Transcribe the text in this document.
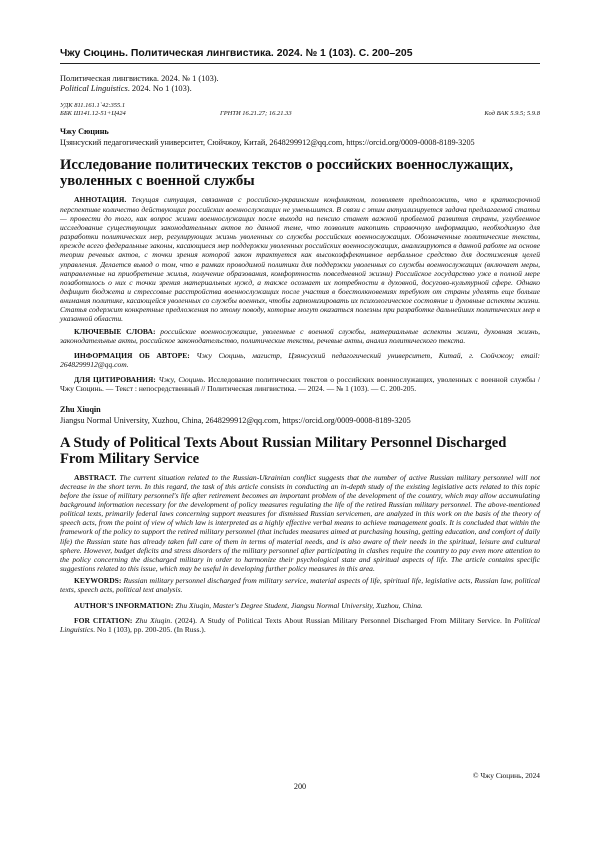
Чжу Сюцинь. Политическая лингвистика. 2024. № 1 (103). С. 200–205
Политическая лингвистика. 2024. № 1 (103).
Political Linguistics. 2024. No 1 (103).
УДК 811.161.1`42:355.1
ББК Ш141.12-51+Ц424	ГРНТИ 16.21.27; 16.21.33	Код ВАК 5.9.5; 5.9.8
Чжу Сюцинь
Цзянсуский педагогический университет, Сюйчжоу, Китай, 2648299912@qq.com, https://orcid.org/0009-0008-8189-3205
Исследование политических текстов о российских военнослужащих, уволенных с военной службы

АННОТАЦИЯ. Текущая ситуация, связанная с российско-украинским конфликтом, позволяет предположить, что в краткосрочной перспективе количество действующих российских военнослужащих не уменьшится. В связи с этим актуализируется задача предлагаемой статьи — провести до того, как вопрос жизни военнослужащих после выхода на пенсию станет важной проблемой развития страны, углубленное исследование существующих законодательных актов по данной теме, что позволит накопить справочную информацию, необходимую для разработки политических мер, регулирующих жизнь уволенных со службы российских военнослужащих. Обозначенные политические тексты, прежде всего федеральные законы, касающиеся мер поддержки уволенных российских военнослужащих, анализируются в данной работе на основе теории речевых актов, с точки зрения которой закон трактуется как высокоэффективное вербальное средство для достижения целей управления. Делается вывод о том, что в рамках проводимой политики для поддержки уволенных со службы военнослужащих (включает меры, направленные на приобретение жилья, получение образования, комфортность повседневной жизни) Российское государство уже в полной мере позаботилось о них с точки зрения материальных нужд, а также осознает их потребности в духовной, досугово-культурной сфере. Однако дефицит бюджета и стрессовые расстройства военнослужащих после участия в боестолкновениях требуют от страны уделять еще больше внимания политике, касающейся уволенных со службы военных, чтобы гармонизировать их психологическое состояние и духовные аспекты жизни. Статья содержит конкретные предложения по этому поводу, которые могут оказаться полезны при разработке дальнейших политических мер в указанной области.

КЛЮЧЕВЫЕ СЛОВА: российские военнослужащие, уволенные с военной службы, материальные аспекты жизни, духовная жизнь, законодательные акты, российское законодательство, политические тексты, речевые акты, анализ политического текста.

ИНФОРМАЦИЯ ОБ АВТОРЕ: Чжу Сюцинь, магистр, Цзянсуский педагогический университет, Китай, г. Сюйчжоу; email: 2648299912@qq.com.

ДЛЯ ЦИТИРОВАНИЯ: Чжу, Сюцинь. Исследование политических текстов о российских военнослужащих, уволенных с военной службы / Чжу Сюцинь. — Текст : непосредственный // Политическая лингвистика. — 2024. — № 1 (103). — С. 200-205.

Zhu Xiuqin
Jiangsu Normal University, Xuzhou, China, 2648299912@qq.com, https://orcid.org/0009-0008-8189-3205
A Study of Political Texts About Russian Military Personnel Discharged From Military Service

ABSTRACT. The current situation related to the Russian-Ukrainian conflict suggests that the number of active Russian military personnel will not decrease in the short term. In this regard, the task of this article consists in conducting an in-depth study of the existing legislative acts related to this topic before the issue of military personnel's life after retirement becomes an important problem of the development of the country, which may allow accumulating background information necessary for the development of policy measures regulating the life of the retired Russian military personnel. The above-mentioned political texts, primarily federal laws concerning support measures for dismissed Russian servicemen, are analyzed in this work on the basis of the theory of speech acts, from the point of view of which law is interpreted as a highly effective verbal means to achieve management goals. It is concluded that within the framework of the policy to support the retired military personnel (that includes measures aimed at purchasing housing, getting education, and comfort of daily life) the Russian state has already taken full care of them in terms of material needs, and is also aware of their needs in the spiritual, leisure and cultural sphere. However, budget deficits and stress disorders of the military personnel after participating in clashes require the country to pay even more attention to the policy concerning the discharged military in order to harmonize their psychological state and spiritual aspects of life. The article contains specific suggestions related to this issue, which may be useful in developing further policy measures in this area.

KEYWORDS: Russian military personnel discharged from military service, material aspects of life, spiritual life, legislative acts, Russian law, political texts, speech acts, political text analysis.

AUTHOR'S INFORMATION: Zhu Xiuqin, Master's Degree Student, Jiangsu Normal University, Xuzhou, China.

FOR CITATION: Zhu Xiuqin. (2024). A Study of Political Texts About Russian Military Personnel Discharged From Military Service. In Political Linguistics. No 1 (103), pp. 200-205. (In Russ.).

© Чжу Сюцинь, 2024
200
